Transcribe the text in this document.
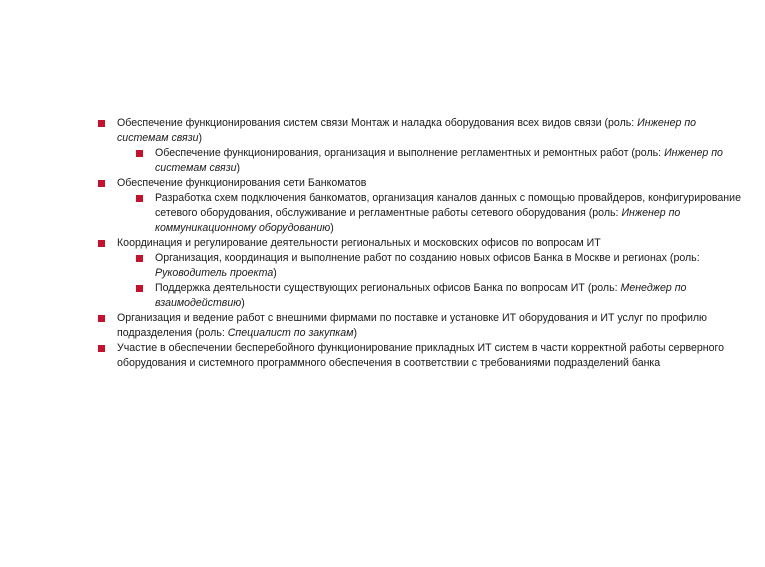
Обеспечение функционирования систем связи Монтаж и наладка оборудования всех видов связи (роль: Инженер по системам связи)
Обеспечение функционирования, организация и выполнение регламентных и ремонтных работ (роль: Инженер по системам связи)
Обеспечение функционирования сети Банкоматов
Разработка схем подключения банкоматов, организация каналов данных с помощью провайдеров, конфигурирование сетевого оборудования, обслуживание и регламентные работы сетевого оборудования (роль: Инженер по коммуникационному оборудованию)
Координация и регулирование деятельности региональных и московских офисов по вопросам ИТ
Организация, координация и выполнение работ по созданию новых офисов Банка в Москве и регионах (роль: Руководитель проекта)
Поддержка деятельности существующих региональных офисов Банка по вопросам ИТ (роль: Менеджер по взаимодействию)
Организация и ведение работ с внешними фирмами по поставке и установке ИТ оборудования и ИТ услуг по профилю подразделения (роль: Специалист по закупкам)
Участие в обеспечении бесперебойного функционирование прикладных ИТ систем в части корректной работы серверного оборудования и системного программного обеспечения в соответствии с требованиями подразделений банка
